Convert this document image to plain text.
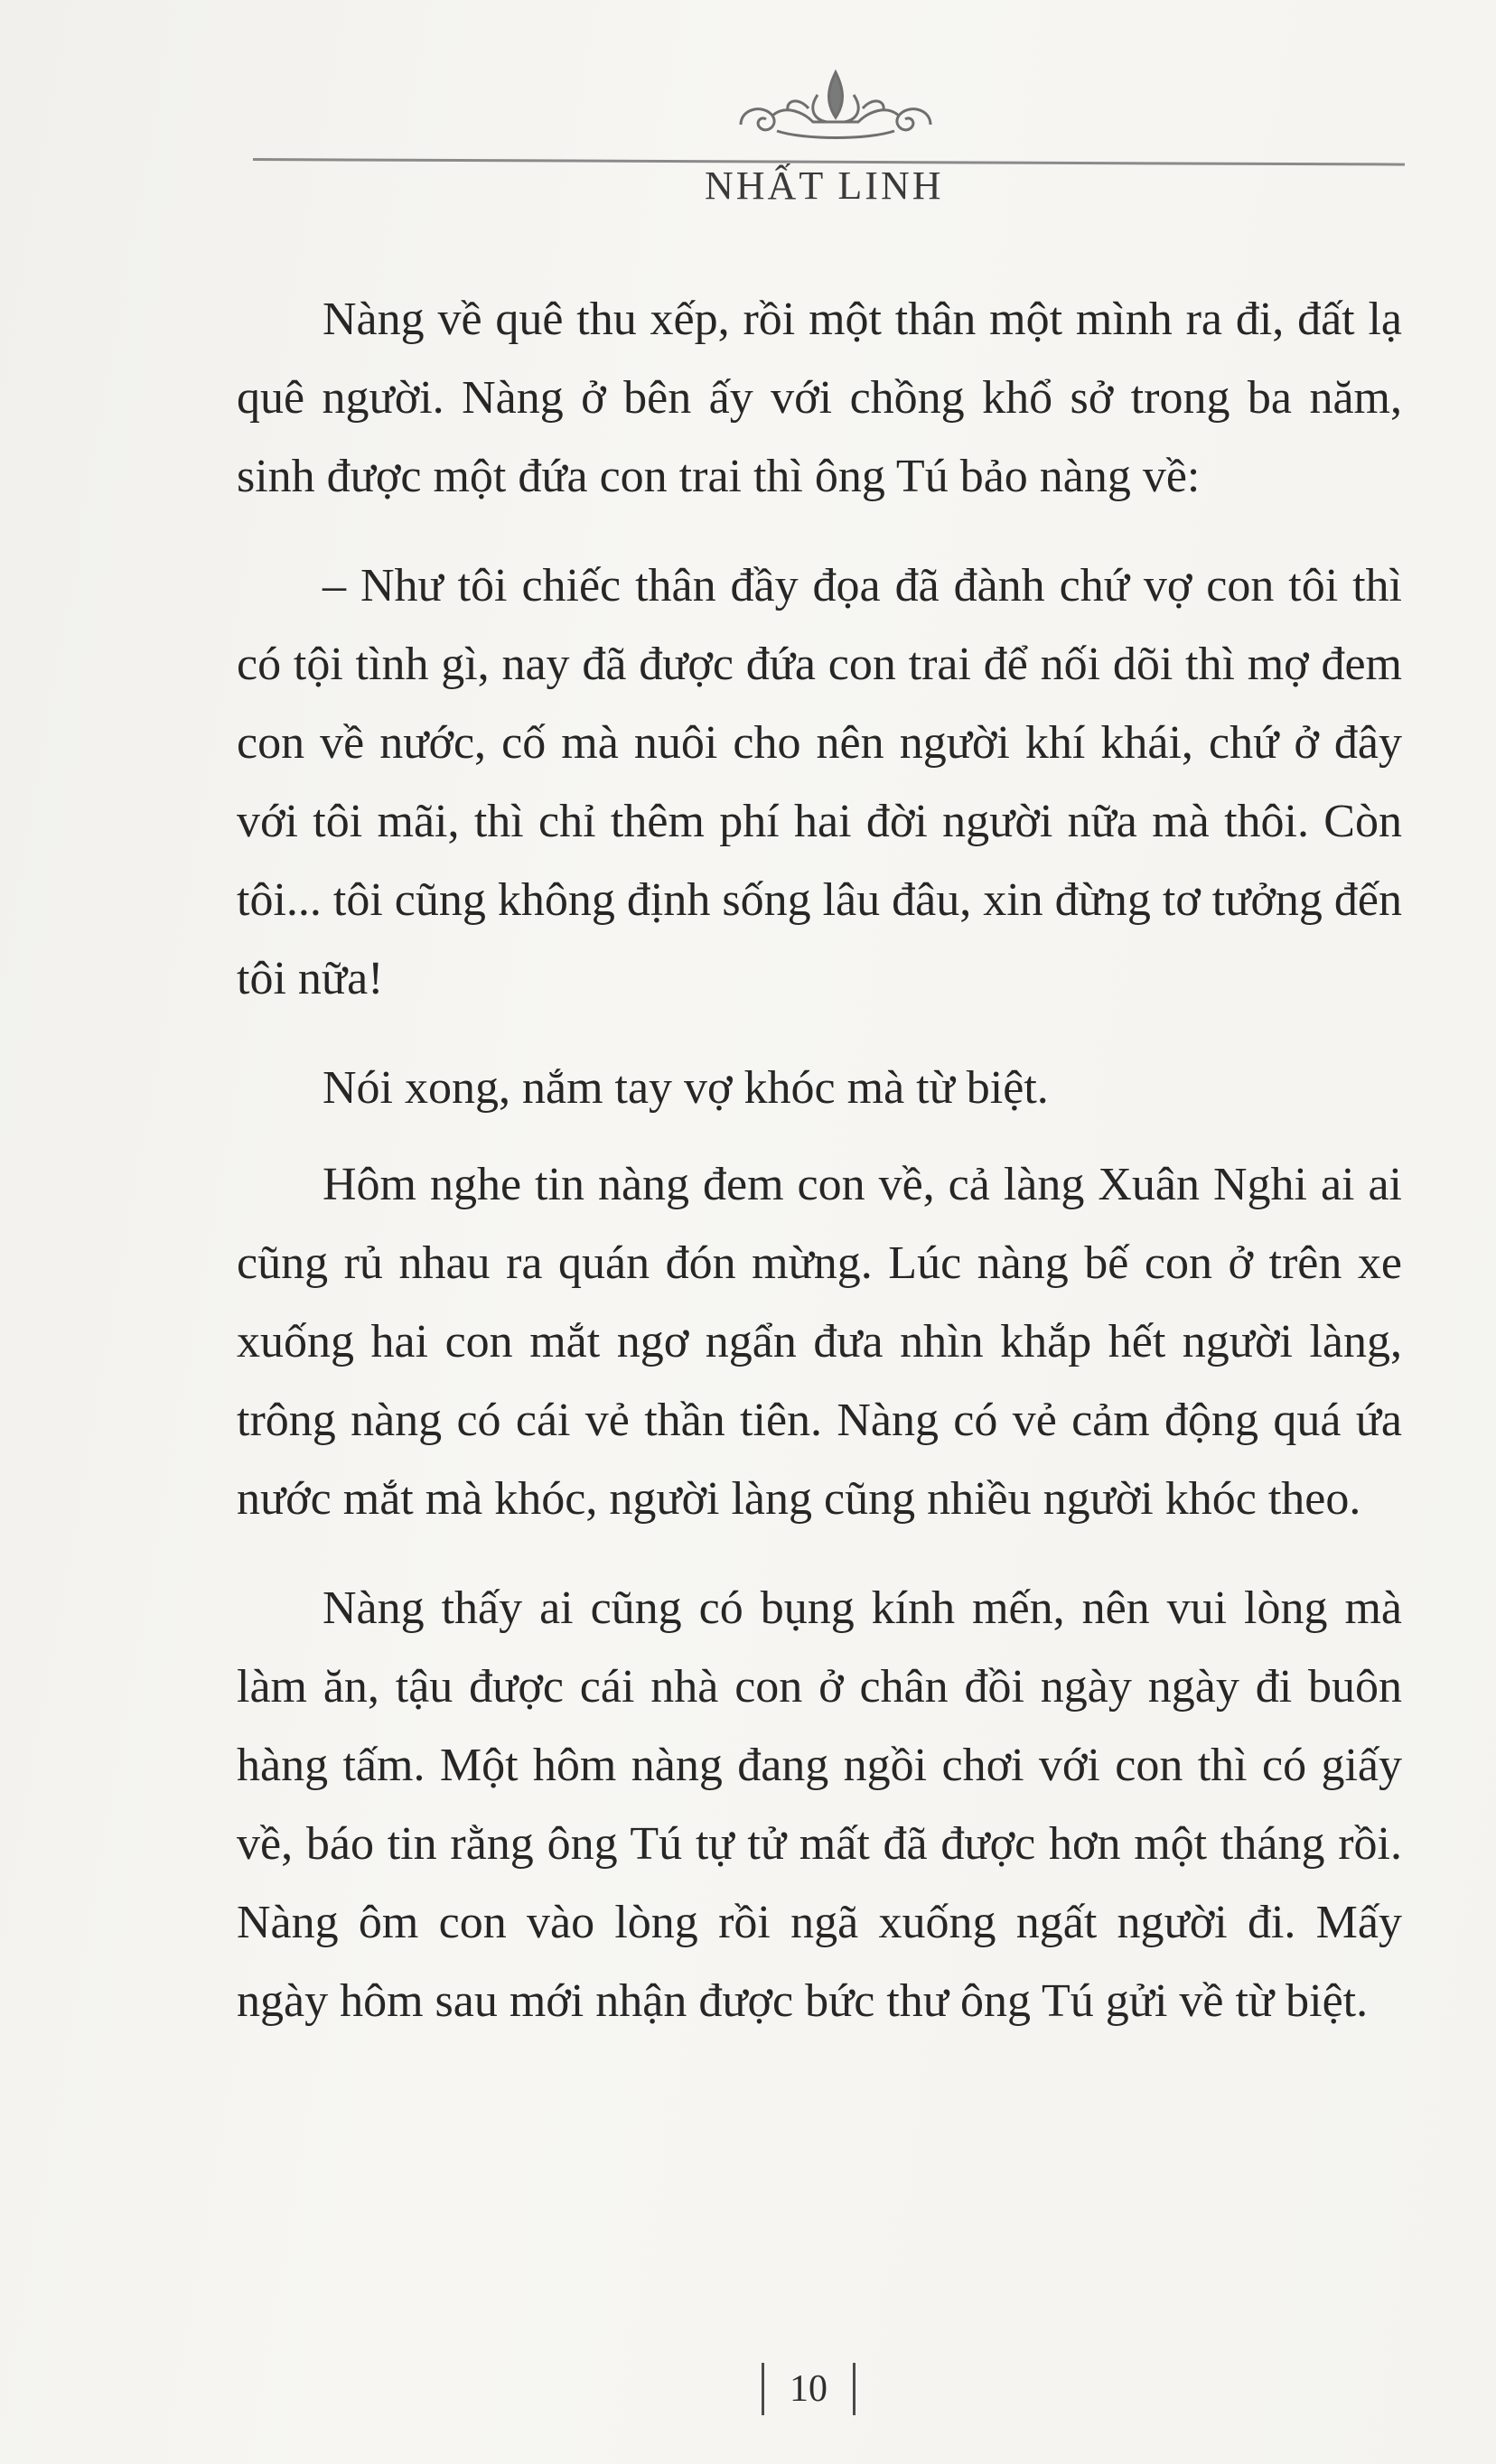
NHẤT LINH

Nàng về quê thu xếp, rồi một thân một mình ra đi, đất lạ quê người. Nàng ở bên ấy với chồng khổ sở trong ba năm, sinh được một đứa con trai thì ông Tú bảo nàng về:

– Như tôi chiếc thân đầy đọa đã đành chứ vợ con tôi thì có tội tình gì, nay đã được đứa con trai để nối dõi thì mợ đem con về nước, cố mà nuôi cho nên người khí khái, chứ ở đây với tôi mãi, thì chỉ thêm phí hai đời người nữa mà thôi. Còn tôi... tôi cũng không định sống lâu đâu, xin đừng tơ tưởng đến tôi nữa!

Nói xong, nắm tay vợ khóc mà từ biệt.

Hôm nghe tin nàng đem con về, cả làng Xuân Nghi ai ai cũng rủ nhau ra quán đón mừng. Lúc nàng bế con ở trên xe xuống hai con mắt ngơ ngẩn đưa nhìn khắp hết người làng, trông nàng có cái vẻ thần tiên. Nàng có vẻ cảm động quá ứa nước mắt mà khóc, người làng cũng nhiều người khóc theo.

Nàng thấy ai cũng có bụng kính mến, nên vui lòng mà làm ăn, tậu được cái nhà con ở chân đồi ngày ngày đi buôn hàng tấm. Một hôm nàng đang ngồi chơi với con thì có giấy về, báo tin rằng ông Tú tự tử mất đã được hơn một tháng rồi. Nàng ôm con vào lòng rồi ngã xuống ngất người đi. Mấy ngày hôm sau mới nhận được bức thư ông Tú gửi về từ biệt.

10
